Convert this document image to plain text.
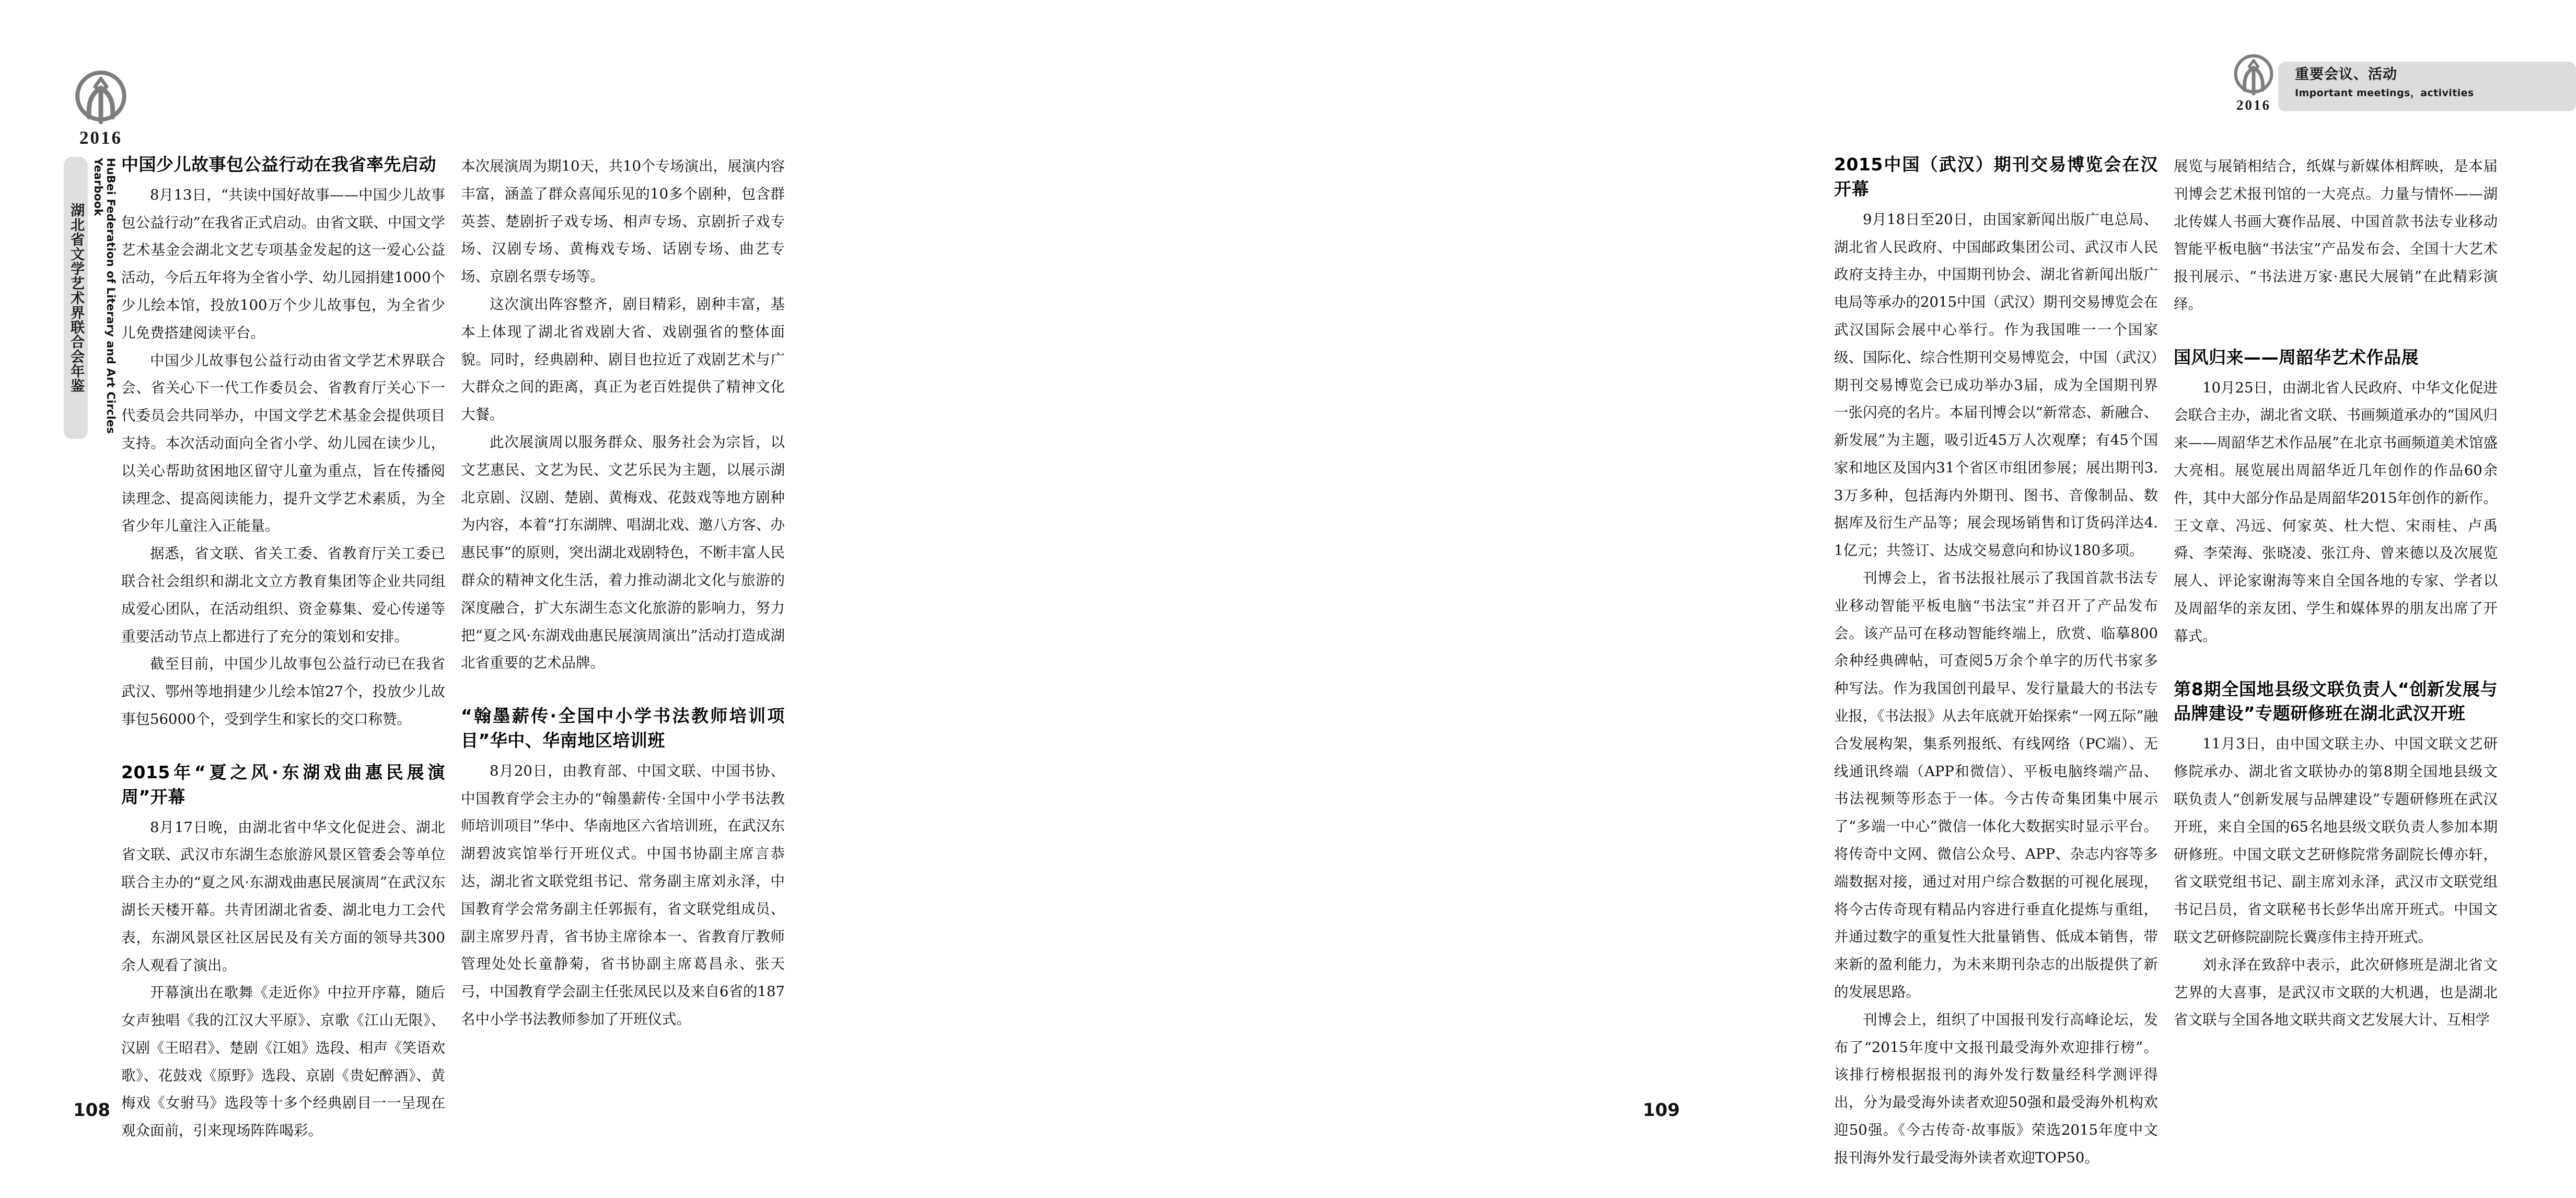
2016
湖北省文学艺术界联合会年鉴	HuBei Federation of Literary and Art Circles Yearbook 中国少儿故事包公益行动在我省率先启动

8月13日，“共读中国好故事——中国少儿故事包公益行动”在我省正式启动。由省文联、中国文学艺术基金会湖北文艺专项基金发起的这一爱心公益活动，今后五年将为全省小学、幼儿园捐建1000个少儿绘本馆，投放100万个少儿故事包，为全省少儿免费搭建阅读平台。

中国少儿故事包公益行动由省文学艺术界联合会、省关心下一代工作委员会、省教育厅关心下一代委员会共同举办，中国文学艺术基金会提供项目支持。本次活动面向全省小学、幼儿园在读少儿，以关心帮助贫困地区留守儿童为重点，旨在传播阅读理念、提高阅读能力，提升文学艺术素质，为全省少年儿童注入正能量。

据悉，省文联、省关工委、省教育厅关工委已联合社会组织和湖北文立方教育集团等企业共同组成爱心团队，在活动组织、资金募集、爱心传递等重要活动节点上都进行了充分的策划和安排。

截至目前，中国少儿故事包公益行动已在我省武汉、鄂州等地捐建少儿绘本馆27个，投放少儿故事包56000个，受到学生和家长的交口称赞。

2015年“夏之风·东湖戏曲惠民展演周”开幕

8月17日晚，由湖北省中华文化促进会、湖北省文联、武汉市东湖生态旅游风景区管委会等单位联合主办的“夏之风·东湖戏曲惠民展演周”在武汉东湖长天楼开幕。共青团湖北省委、湖北电力工会代表，东湖风景区社区居民及有关方面的领导共300余人观看了演出。

开幕演出在歌舞《走近你》中拉开序幕，随后女声独唱《我的江汉大平原》、京歌《江山无限》、汉剧《王昭君》、楚剧《江姐》选段、相声《笑语欢歌》、花鼓戏《原野》选段、京剧《贵妃醉酒》、黄梅戏《女驸马》选段等十多个经典剧目一一呈现在观众面前，引来现场阵阵喝彩。

本次展演周为期10天，共10个专场演出，展演内容丰富，涵盖了群众喜闻乐见的10多个剧种，包含群英荟、楚剧折子戏专场、相声专场、京剧折子戏专场、汉剧专场、黄梅戏专场、话剧专场、曲艺专场、京剧名票专场等。

这次演出阵容整齐，剧目精彩，剧种丰富，基本上体现了湖北省戏剧大省、戏剧强省的整体面貌。同时，经典剧种、剧目也拉近了戏剧艺术与广大群众之间的距离，真正为老百姓提供了精神文化大餐。

此次展演周以服务群众、服务社会为宗旨，以文艺惠民、文艺为民、文艺乐民为主题，以展示湖北京剧、汉剧、楚剧、黄梅戏、花鼓戏等地方剧种为内容，本着“打东湖牌、唱湖北戏、邀八方客、办惠民事”的原则，突出湖北戏剧特色，不断丰富人民群众的精神文化生活，着力推动湖北文化与旅游的深度融合，扩大东湖生态文化旅游的影响力，努力把“夏之风·东湖戏曲惠民展演周演出”活动打造成湖北省重要的艺术品牌。

“翰墨薪传·全国中小学书法教师培训项目”华中、华南地区培训班

8月20日，由教育部、中国文联、中国书协、中国教育学会主办的“翰墨薪传·全国中小学书法教师培训项目”华中、华南地区六省培训班，在武汉东湖碧波宾馆举行开班仪式。中国书协副主席言恭达，湖北省文联党组书记、常务副主席刘永泽，中国教育学会常务副主任郭振有，省文联党组成员、副主席罗丹青，省书协主席徐本一、省教育厅教师管理处处长童静菊，省书协副主席葛昌永、张天弓，中国教育学会副主任张凤民以及来自6省的187名中小学书法教师参加了开班仪式。

108
2016
重要会议、活动
Important meetings，activities
2015中国（武汉）期刊交易博览会在汉开幕

9月18日至20日，由国家新闻出版广电总局、湖北省人民政府、中国邮政集团公司、武汉市人民政府支持主办，中国期刊协会、湖北省新闻出版广电局等承办的2015中国（武汉）期刊交易博览会在武汉国际会展中心举行。作为我国唯一一个国家级、国际化、综合性期刊交易博览会，中国（武汉）期刊交易博览会已成功举办3届，成为全国期刊界一张闪亮的名片。本届刊博会以“新常态、新融合、新发展”为主题，吸引近45万人次观摩；有45个国家和地区及国内31个省区市组团参展；展出期刊3.3万多种，包括海内外期刊、图书、音像制品、数据库及衍生产品等；展会现场销售和订货码洋达4.1亿元；共签订、达成交易意向和协议180多项。

刊博会上，省书法报社展示了我国首款书法专业移动智能平板电脑“书法宝”并召开了产品发布会。该产品可在移动智能终端上，欣赏、临摹800余种经典碑帖，可查阅5万余个单字的历代书家多种写法。作为我国创刊最早、发行量最大的书法专业报，《书法报》从去年底就开始探索“一网五际”融合发展构架，集系列报纸、有线网络（PC端）、无线通讯终端（APP和微信）、平板电脑终端产品、书法视频等形态于一体。今古传奇集团集中展示了“多端一中心”微信一体化大数据实时显示平台。将传奇中文网、微信公众号、APP、杂志内容等多端数据对接，通过对用户综合数据的可视化展现，将今古传奇现有精品内容进行垂直化提炼与重组，并通过数字的重复性大批量销售、低成本销售，带来新的盈利能力，为未来期刊杂志的出版提供了新的发展思路。

刊博会上，组织了中国报刊发行高峰论坛，发布了“2015年度中文报刊最受海外欢迎排行榜”。该排行榜根据报刊的海外发行数量经科学测评得出，分为最受海外读者欢迎50强和最受海外机构欢迎50强。《今古传奇·故事版》荣选2015年度中文报刊海外发行最受海外读者欢迎TOP50。

展览与展销相结合，纸媒与新媒体相辉映，是本届刊博会艺术报刊馆的一大亮点。力量与情怀——湖北传媒人书画大赛作品展、中国首款书法专业移动智能平板电脑“书法宝”产品发布会、全国十大艺术报刊展示、“书法进万家·惠民大展销”在此精彩演绎。

国风归来——周韶华艺术作品展

10月25日，由湖北省人民政府、中华文化促进会联合主办，湖北省文联、书画频道承办的“国风归来——周韶华艺术作品展”在北京书画频道美术馆盛大亮相。展览展出周韶华近几年创作的作品60余件，其中大部分作品是周韶华2015年创作的新作。王文章、冯远、何家英、杜大恺、宋雨桂、卢禹舜、李荣海、张晓凌、张江舟、曾来德以及次展览展人、评论家谢海等来自全国各地的专家、学者以及周韶华的亲友团、学生和媒体界的朋友出席了开幕式。

第8期全国地县级文联负责人“创新发展与品牌建设”专题研修班在湖北武汉开班

11月3日，由中国文联主办、中国文联文艺研修院承办、湖北省文联协办的第8期全国地县级文联负责人“创新发展与品牌建设”专题研修班在武汉开班，来自全国的65名地县级文联负责人参加本期研修班。中国文联文艺研修院常务副院长傅亦轩，省文联党组书记、副主席刘永泽，武汉市文联党组书记吕员，省文联秘书长彭华出席开班式。中国文联文艺研修院副院长冀彦伟主持开班式。

刘永泽在致辞中表示，此次研修班是湖北省文艺界的大喜事，是武汉市文联的大机遇，也是湖北省文联与全国各地文联共商文艺发展大计、互相学

109
